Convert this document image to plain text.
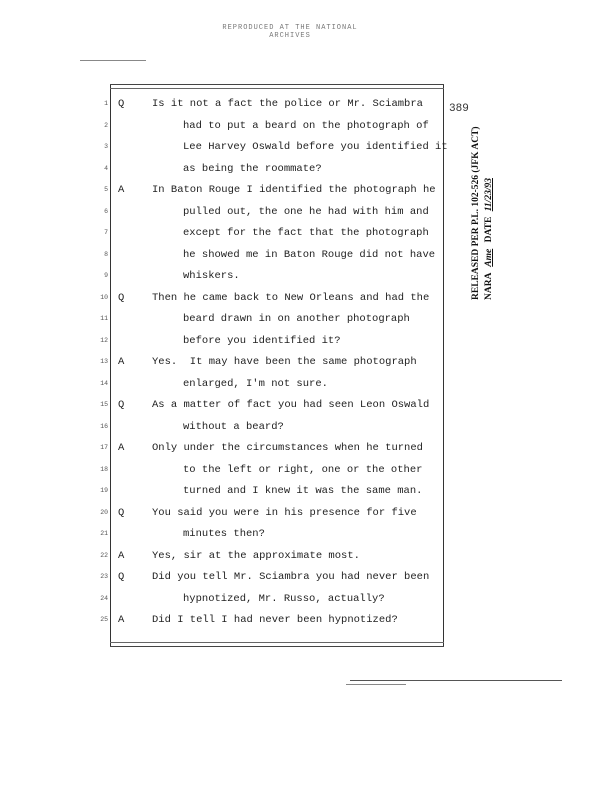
REPRODUCED AT THE NATIONAL ARCHIVES
389
1 Q	Is it not a fact the police or Mr. Sciambra
2	had to put a beard on the photograph of
3	Lee Harvey Oswald before you identified it
4	as being the roommate?
5 A	In Baton Rouge I identified the photograph he
6	pulled out, the one he had with him and
7	except for the fact that the photograph
8	he showed me in Baton Rouge did not have
9	whiskers.
10 Q	Then he came back to New Orleans and had the
11	beard drawn in on another photograph
12	before you identified it?
13 A	Yes.  It may have been the same photograph
14	enlarged, I'm not sure.
15 Q	As a matter of fact you had seen Leon Oswald
16	without a beard?
17 A	Only under the circumstances when he turned
18	to the left or right, one or the other
19	turned and I knew it was the same man.
20 Q	You said you were in his presence for five
21	minutes then?
22 A	Yes, sir at the approximate most.
23 Q	Did you tell Mr. Sciambra you had never been
24	hypnotized, Mr. Russo, actually?
25 A	Did I tell I had never been hypnotized?
RELEASED PER P.L. 102-526 (JFK ACT) NARA Ame DATE 11/23/93
